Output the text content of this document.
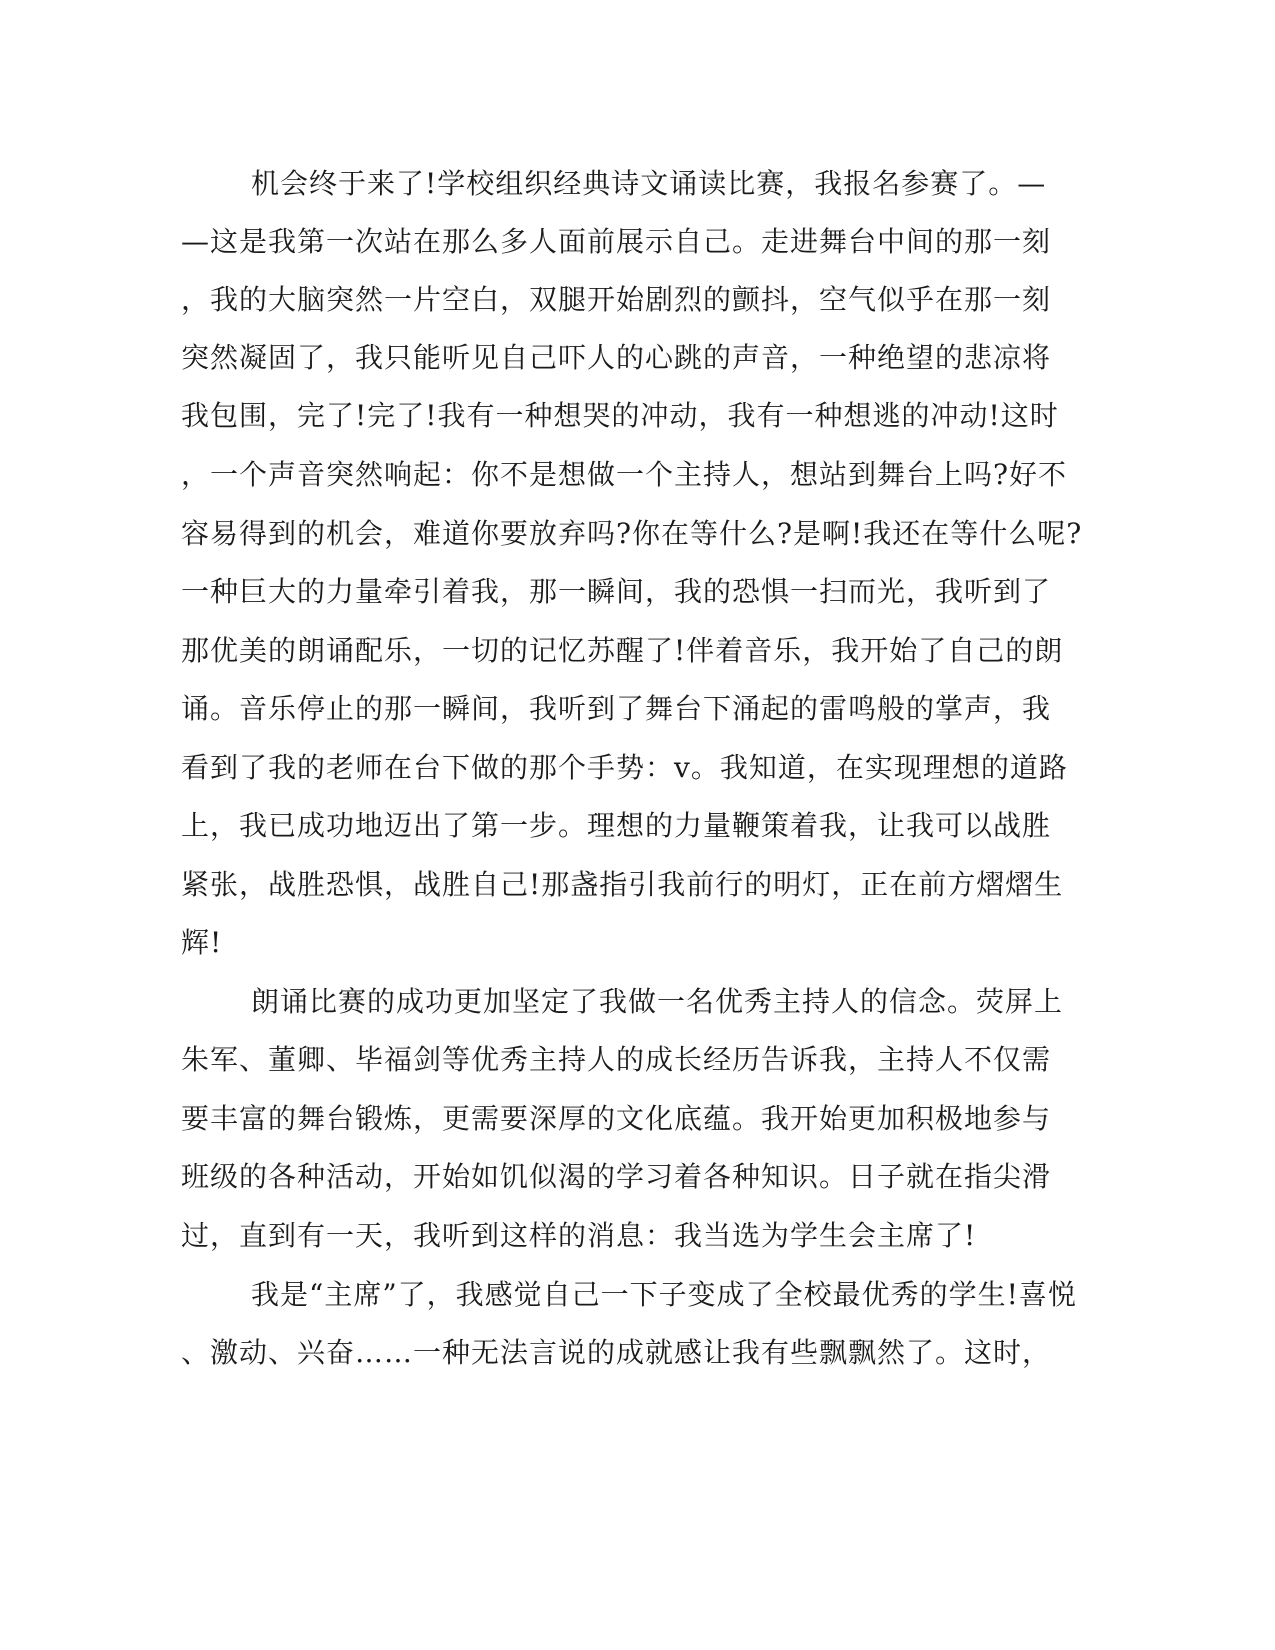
机会终于来了!学校组织经典诗文诵读比赛，我报名参赛了。—
—这是我第一次站在那么多人面前展示自己。走进舞台中间的那一刻
，我的大脑突然一片空白，双腿开始剧烈的颤抖，空气似乎在那一刻
突然凝固了，我只能听见自己吓人的心跳的声音，一种绝望的悲凉将
我包围，完了!完了!我有一种想哭的冲动，我有一种想逃的冲动!这时
，一个声音突然响起：你不是想做一个主持人，想站到舞台上吗?好不
容易得到的机会，难道你要放弃吗?你在等什么?是啊!我还在等什么呢?
一种巨大的力量牵引着我，那一瞬间，我的恐惧一扫而光，我听到了
那优美的朗诵配乐，一切的记忆苏醒了!伴着音乐，我开始了自己的朗
诵。音乐停止的那一瞬间，我听到了舞台下涌起的雷鸣般的掌声，我
看到了我的老师在台下做的那个手势：v。我知道，在实现理想的道路
上，我已成功地迈出了第一步。理想的力量鞭策着我，让我可以战胜
紧张，战胜恐惧，战胜自己!那盏指引我前行的明灯，正在前方熠熠生
辉!
朗诵比赛的成功更加坚定了我做一名优秀主持人的信念。荧屏上
朱军、董卿、毕福剑等优秀主持人的成长经历告诉我，主持人不仅需
要丰富的舞台锻炼，更需要深厚的文化底蕴。我开始更加积极地参与
班级的各种活动，开始如饥似渴的学习着各种知识。日子就在指尖滑
过，直到有一天，我听到这样的消息：我当选为学生会主席了!
我是“主席”了，我感觉自己一下子变成了全校最优秀的学生!喜悦
、激动、兴奋……一种无法言说的成就感让我有些飘飘然了。这时，
